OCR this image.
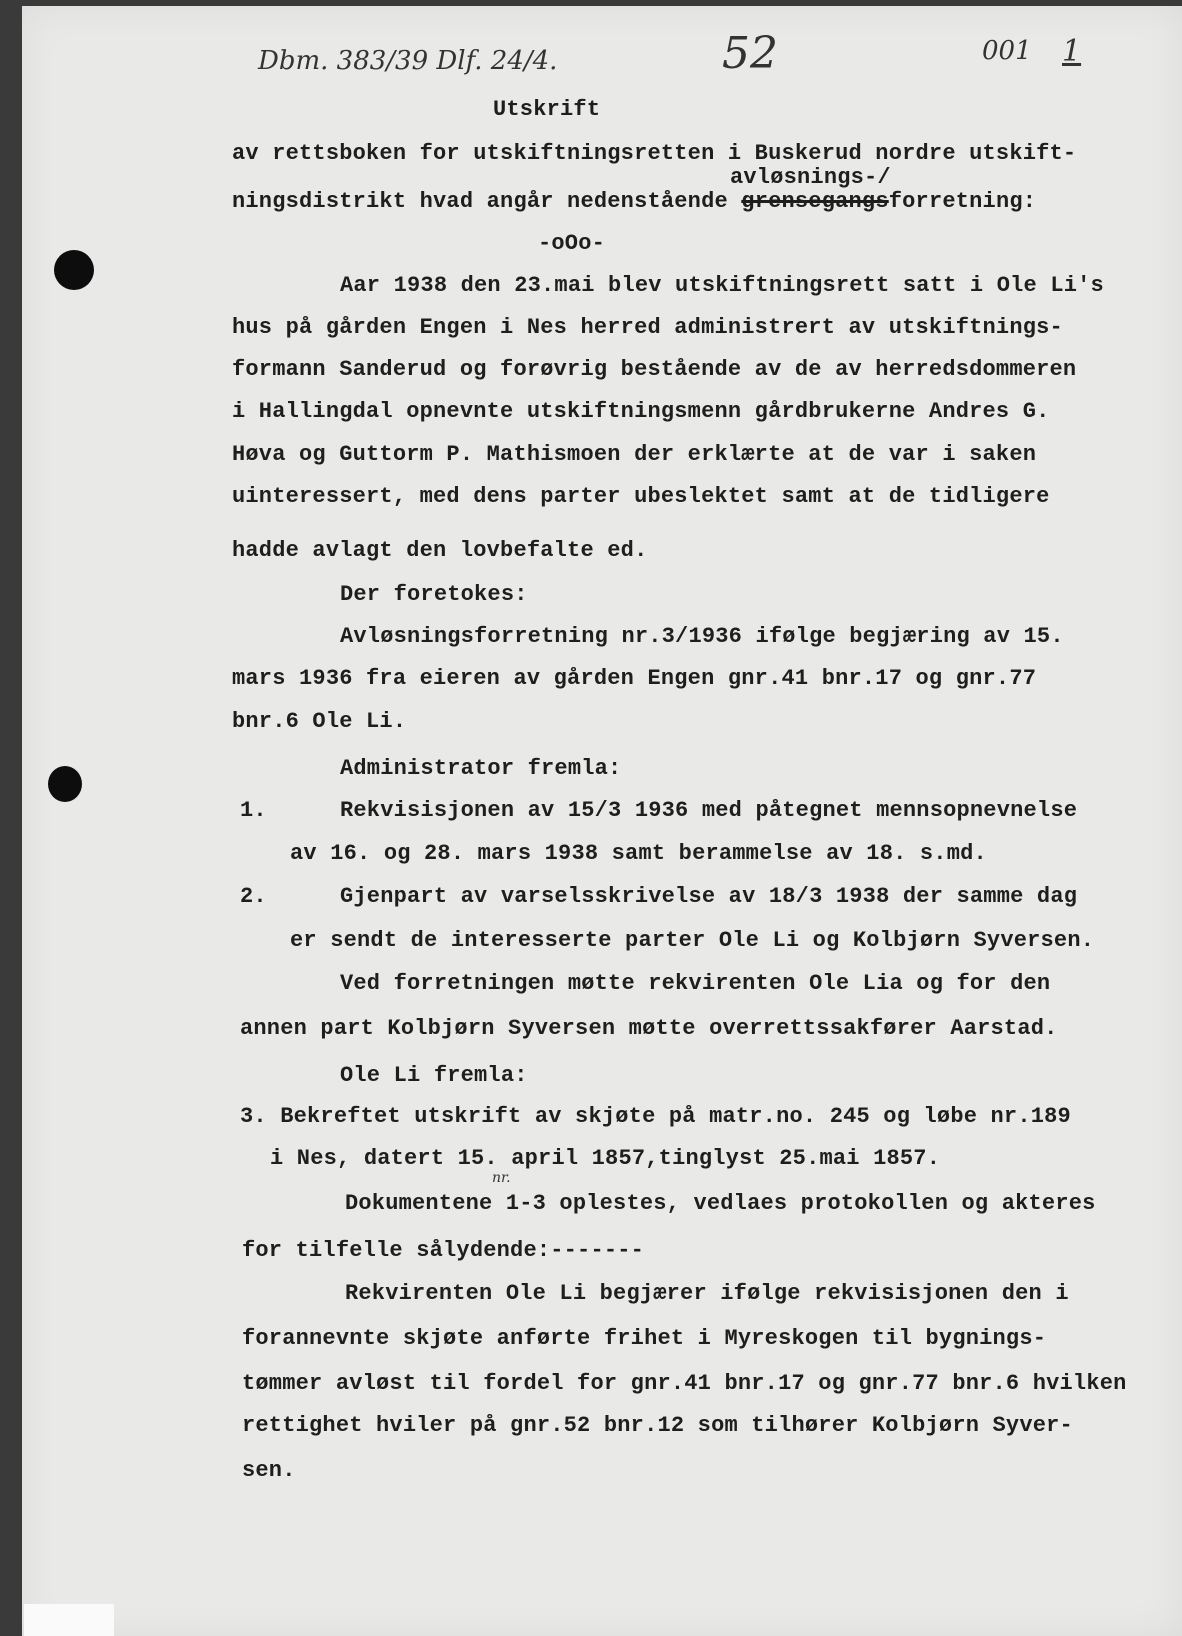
Dbm. 383/39 Dlf. 24/4.	52	001 1
Utskrift
av rettsboken for utskiftningsretten i Buskerud nordre utskift-
avløsnings-/
ningsdistrikt hvad angår nedenstående grensegangsforretning:
-oOo-
Aar 1938 den 23.mai blev utskiftningsrett satt i Ole Li's
hus på gården Engen i Nes herred administrert av utskiftnings-
formann Sanderud og forøvrig bestående av de av herredsdommeren
i Hallingdal opnevnte utskiftningsmenn gårdbrukerne Andres G.
Høva og Guttorm P. Mathismoen der erklærte at de var i saken
uinteressert, med dens parter ubeslektet samt at de tidligere
hadde avlagt den lovbefalte ed.
Der foretokes:
Avløsningsforretning nr.3/1936 ifølge begjæring av 15.
mars 1936 fra eieren av gården Engen gnr.41 bnr.17 og gnr.77
bnr.6 Ole Li.
Administrator fremla:
1.	Rekvisisjonen av 15/3 1936 med påtegnet mennsopnevnelse
av 16. og 28. mars 1938 samt berammelse av 18. s.md.
2.	Gjenpart av varselsskrivelse av 18/3 1938 der samme dag
er sendt de interesserte parter Ole Li og Kolbjørn Syversen.
Ved forretningen møtte rekvirenten Ole Lia og for den
annen part Kolbjørn Syversen møtte overrettssakfører Aarstad.
Ole Li fremla:
3. Bekreftet utskrift av skjøte på matr.no. 245 og løbe nr.189
i Nes, datert 15. april 1857,tinglyst 25.mai 1857.
Dokumentene 1-3 oplestes, vedlaes protokollen og akteres
for tilfelle sålydende:-------
Rekvirenten Ole Li begjærer ifølge rekvisisjonen den i
forannevnte skjøte anførte frihet i Myreskogen til bygnings-
tømmer avløst til fordel for gnr.41 bnr.17 og gnr.77 bnr.6 hvilken
rettighet hviler på gnr.52 bnr.12 som tilhører Kolbjørn Syver-
sen.
nr.
